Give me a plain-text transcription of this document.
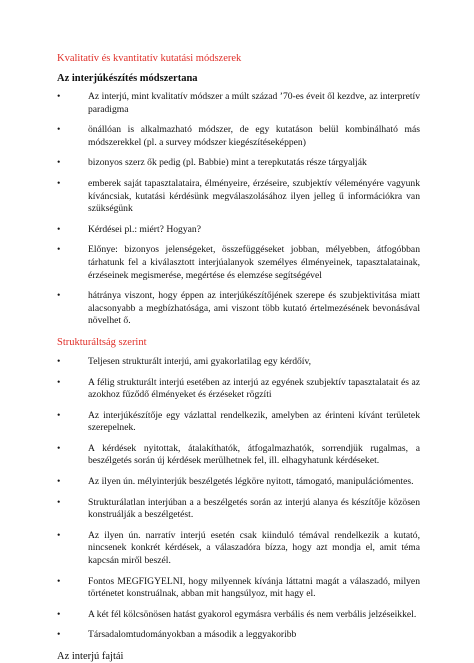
Kvalitatív és kvantitatív kutatási módszerek
Az interjúkészítés módszertana
•	Az interjú, mint kvalitatív módszer a múlt század ’70-es éveit ől kezdve, az interpretív paradigma
•	önállóan is alkalmazható módszer, de egy kutatáson belül kombinálható más módszerekkel (pl. a survey módszer kiegészítéseképpen)
•	bizonyos szerz ők pedig (pl. Babbie) mint a terepkutatás része tárgyalják
•	emberek saját tapasztalataira, élményeire, érzéseire, szubjektív véleményére vagyunk kíváncsiak, kutatási kérdésünk megválaszolásához ilyen jelleg ű információkra van szükségünk
•	Kérdései pl.: miért? Hogyan?
•	Előnye: bizonyos jelenségeket, összefüggéseket jobban, mélyebben, átfogóbban tárhatunk fel a kiválasztott interjúalanyok személyes élményeinek, tapasztalatainak, érzéseinek megismerése, megértése és elemzése segítségével
•	hátránya viszont, hogy éppen az interjúkészítőjének szerepe és szubjektivitása miatt alacsonyabb a megbízhatósága, ami viszont több kutató értelmezésének bevonásával növelhet ő.
Strukturáltság szerint
•	Teljesen strukturált interjú, ami gyakorlatilag egy kérdőív,
•	A félig strukturált interjú esetében az interjú az egyének szubjektív tapasztalatait és az azokhoz fűződő élményeket és érzéseket rögzíti
•	Az interjúkészítője egy vázlattal rendelkezik, amelyben az érinteni kívánt területek szerepelnek.
•	A kérdések nyitottak, átalakíthatók, átfogalmazhatók, sorrendjük rugalmas, a beszélgetés során új kérdések merülhetnek fel, ill. elhagyhatunk kérdéseket.
•	Az ilyen ún. mélyinterjúk beszélgetés légköre nyitott, támogató, manipulációmentes.
•	Strukturálatlan interjúban a a beszélgetés során az interjú alanya és készítője közösen konstruálják a beszélgetést.
•	Az ilyen ún. narratív interjú esetén csak kiinduló témával rendelkezik a kutató, nincsenek konkrét kérdések, a válaszadóra bízza, hogy azt mondja el, amit téma kapcsán miről beszél.
•	Fontos MEGFIGYELNI, hogy milyennek kívánja láttatni magát a válaszadó, milyen történetet konstruálnak, abban mit hangsúlyoz, mit hagy el.
•	A két fél kölcsönösen hatást gyakorol egymásra verbális és nem verbális jelzéseikkel.
•	Társadalomtudományokban a második a leggyakoribb
Az interjú fajtái
